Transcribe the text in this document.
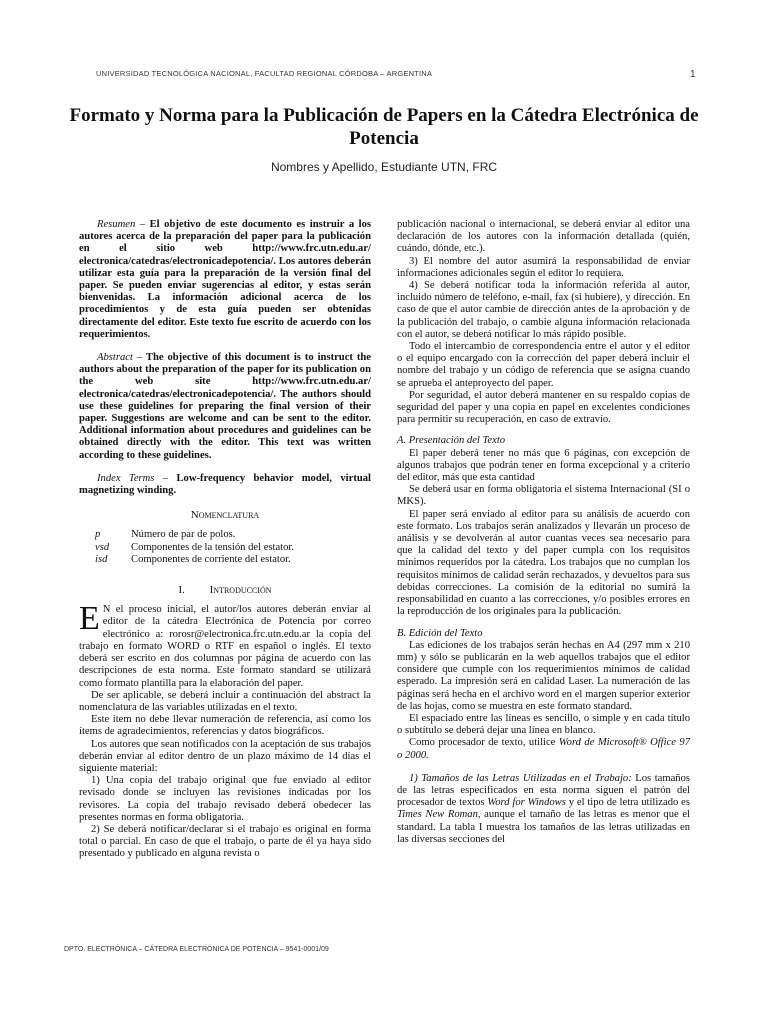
UNIVERSIDAD TECNOLÓGICA NACIONAL, FACULTAD REGIONAL CÓRDOBA – ARGENTINA	1
Formato y Norma para la Publicación de Papers en la Cátedra Electrónica de Potencia
Nombres y Apellido, Estudiante UTN, FRC

Resumen – El objetivo de este documento es instruir a los autores acerca de la preparación del paper para la publicación en el sitio web http://www.frc.utn.edu.ar/ electronica/catedras/electronicadepotencia/. Los autores deberán utilizar esta guía para la preparación de la versión final del paper. Se pueden enviar sugerencias al editor, y estas serán bienvenidas. La información adicional acerca de los procedimientos y de esta guía pueden ser obtenidas directamente del editor. Este texto fue escrito de acuerdo con los requerimientos.

Abstract – The objective of this document is to instruct the authors about the preparation of the paper for its publication on the web site http://www.frc.utn.edu.ar/ electronica/catedras/electronicadepotencia/. The authors should use these guidelines for preparing the final version of their paper. Suggestions are welcome and can be sent to the editor. Additional information about procedures and guidelines can be obtained directly with the editor. This text was written according to these guidelines.

Index Terms – Low-frequency behavior model, virtual magnetizing winding.

Nomenclatura
p	Número de par de polos.
vsd	Componentes de la tensión del estator.
isd	Componentes de corriente del estator.
I. Introducción

E N el proceso inicial, el autor/los autores deberán enviar al editor de la cátedra Electrónica de Potencia por correo electrónico a: rorosr@electronica.frc.utn.edu.ar la copia del trabajo en formato WORD o RTF en español o inglés. El texto deberá ser escrito en dos columnas por página de acuerdo con las descripciones de esta norma. Este formato standard se utilizará como formato plantilla para la elaboración del paper.

De ser aplicable, se deberá incluir a continuación del abstract la nomenclatura de las variables utilizadas en el texto.

Este ítem no debe llevar numeración de referencia, así como los ítems de agradecimientos, referencias y datos biográficos.

Los autores que sean notificados con la aceptación de sus trabajos deberán enviar al editor dentro de un plazo máximo de 14 días el siguiente material:

1) Una copia del trabajo original que fue enviado al editor revisado donde se incluyen las revisiones indicadas por los revisores. La copia del trabajo revisado deberá obedecer las presentes normas en forma obligatoria.

2) Se deberá notificar/declarar si el trabajo es original en forma total o parcial. En caso de que el trabajo, o parte de él ya haya sido presentado y publicado en alguna revista o

publicación nacional o internacional, se deberá enviar al editor una declaración de los autores con la información detallada (quién, cuándo, dónde, etc.).

3) El nombre del autor asumirá la responsabilidad de enviar informaciones adicionales según el editor lo requiera.

4) Se deberá notificar toda la información referida al autor, incluido número de teléfono, e-mail, fax (si hubiere), y dirección. En caso de que el autor cambie de dirección antes de la aprobación y de la publicación del trabajo, o cambie alguna información relacionada con el autor, se deberá notificar lo más rápido posible.

Todo el intercambio de correspondencia entre el autor y el editor o el equipo encargado con la corrección del paper deberá incluir el nombre del trabajo y un código de referencia que se asigna cuando se aprueba el anteproyecto del paper.

Por seguridad, el autor deberá mantener en su respaldo copias de seguridad del paper y una copia en papel en excelentes condiciones para permitir su recuperación, en caso de extravío.

A. Presentación del Texto

El paper deberá tener no más que 6 páginas, con excepción de algunos trabajos que podrán tener en forma excepcional y a criterio del editor, más que esta cantidad

Se deberá usar en forma obligatoria el sistema Internacional (SI o MKS).

El paper será enviado al editor para su análisis de acuerdo con este formato. Los trabajos serán analizados y llevarán un proceso de análisis y se devolverán al autor cuantas veces sea necesario para que la calidad del texto y del paper cumpla con los requisitos mínimos requeridos por la cátedra. Los trabajos que no cumplan los requisitos mínimos de calidad serán rechazados, y devueltos para sus debidas correcciones. La comisión de la editorial no sumirá la responsabilidad en cuanto a las correcciones, y/o posibles errores en la reproducción de los originales para la publicación.

B. Edición del Texto

Las ediciones de los trabajos serán hechas en A4 (297 mm x 210 mm) y sólo se publicarán en la web aquellos trabajos que el editor considere que cumple con los requerimientos mínimos de calidad esperado. La impresión será en calidad Laser. La numeración de las páginas será hecha en el archivo word en el margen superior exterior de las hojas, como se muestra en este formato standard.

El espaciado entre las líneas es sencillo, o simple y en cada título o subtítulo se deberá dejar una línea en blanco.

Como procesador de texto, utilice Word de Microsoft® Office 97 o 2000.

1) Tamaños de las Letras Utilizadas en el Trabajo: Los tamaños de las letras especificados en esta norma siguen el patrón del procesador de textos Word for Windows y el tipo de letra utilizado es Times New Roman, aunque el tamaño de las letras es menor que el standard. La tabla I muestra los tamaños de las letras utilizadas en las diversas secciones del

DPTO. ELECTRÓNICA – CÁTEDRA ELECTRÓNICA DE POTENCIA – 9541-0001/09
